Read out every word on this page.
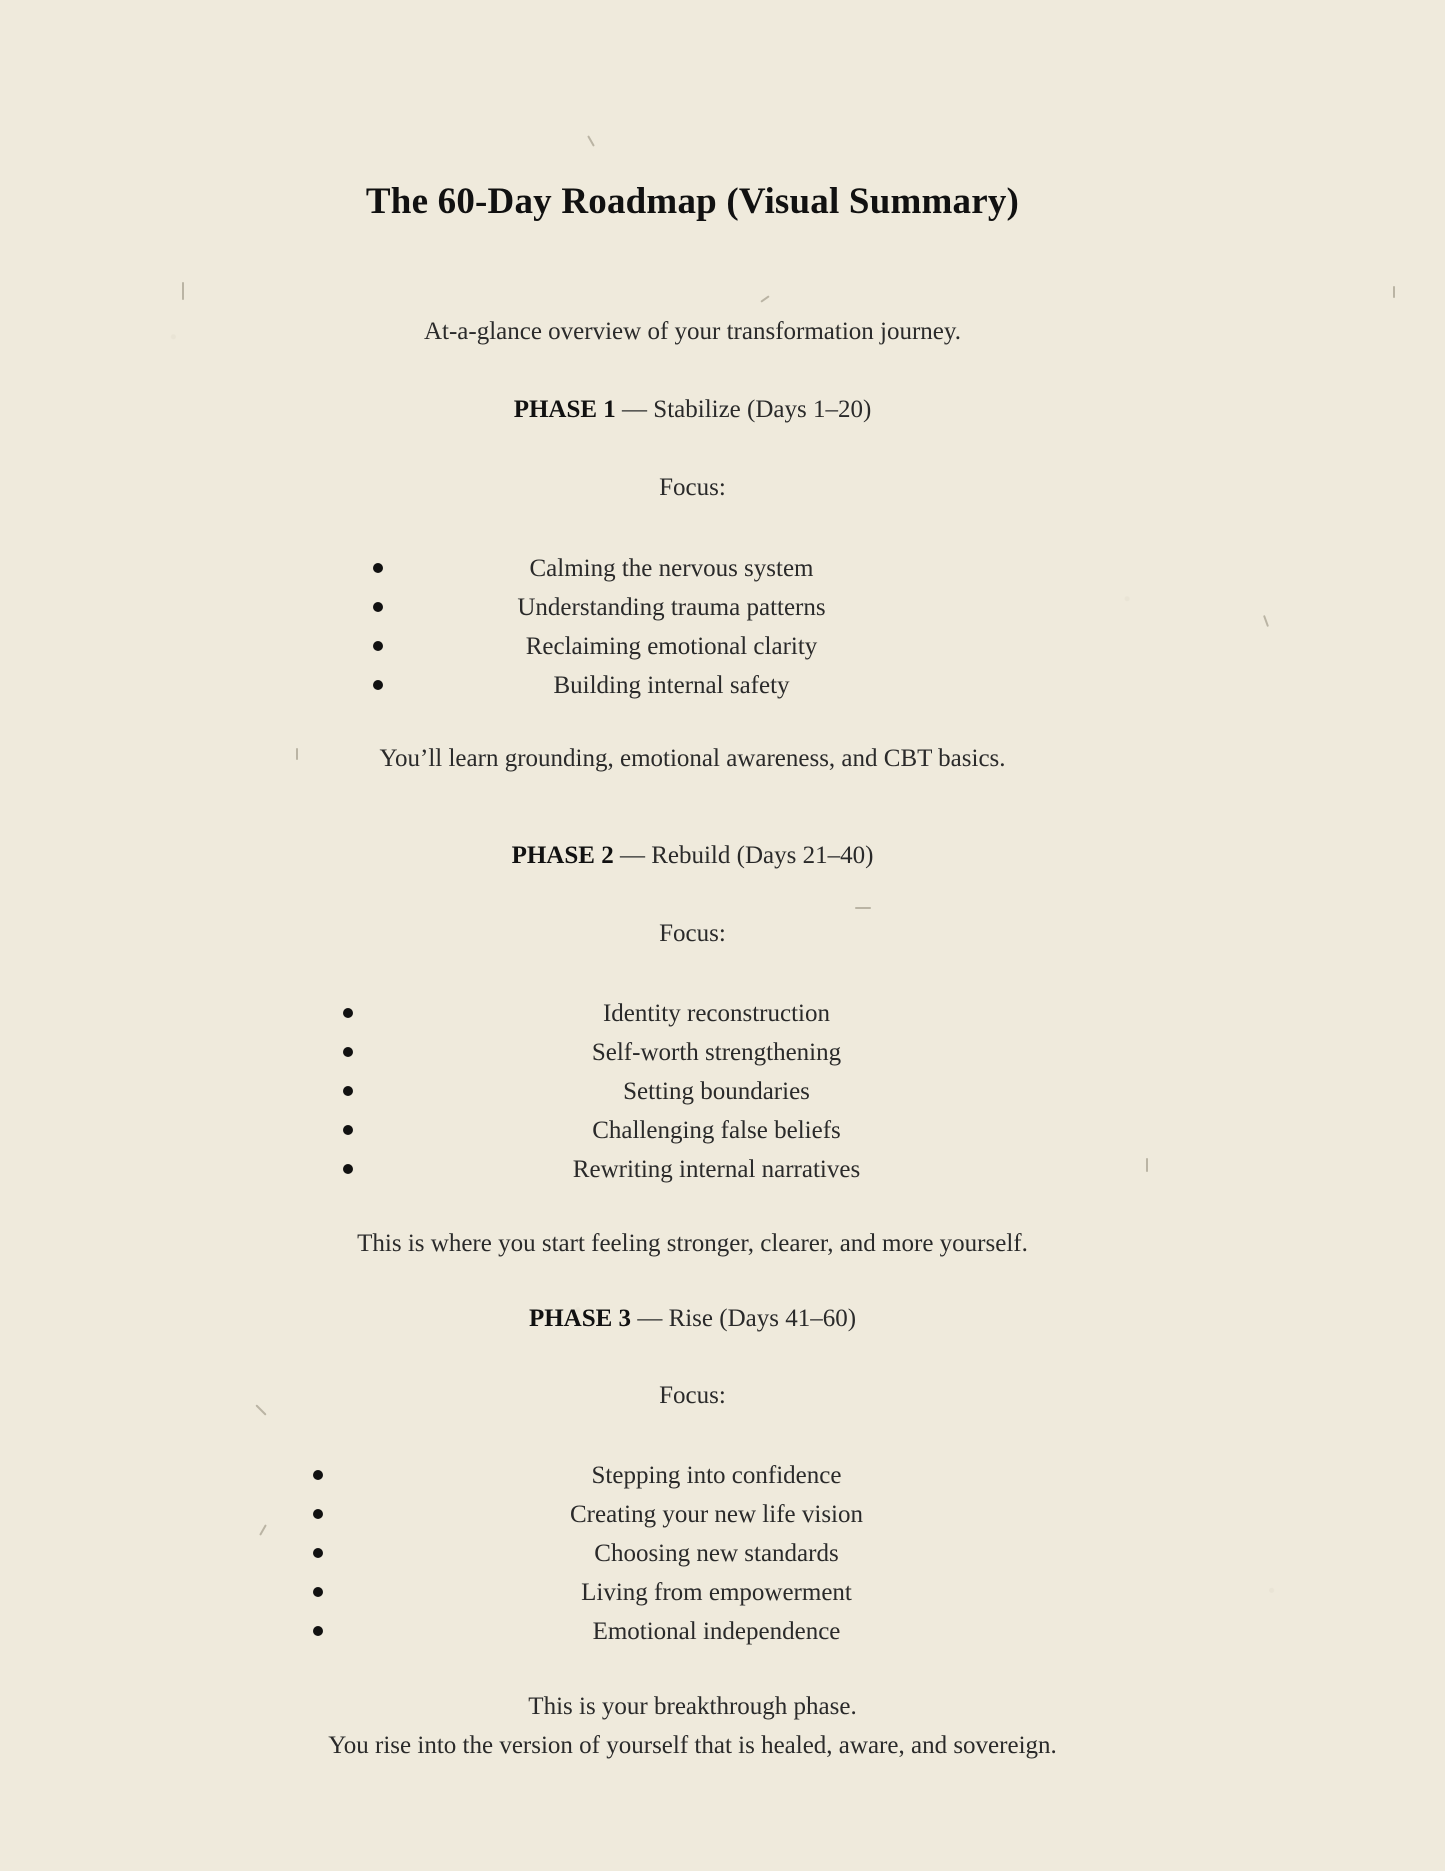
The 60-Day Roadmap (Visual Summary)
At-a-glance overview of your transformation journey.
PHASE 1 — Stabilize (Days 1–20)
Focus:
Calming the nervous system
Understanding trauma patterns
Reclaiming emotional clarity
Building internal safety
You’ll learn grounding, emotional awareness, and CBT basics.
PHASE 2 — Rebuild (Days 21–40)
Focus:
Identity reconstruction
Self-worth strengthening
Setting boundaries
Challenging false beliefs
Rewriting internal narratives
This is where you start feeling stronger, clearer, and more yourself.
PHASE 3 — Rise (Days 41–60)
Focus:
Stepping into confidence
Creating your new life vision
Choosing new standards
Living from empowerment
Emotional independence
This is your breakthrough phase.
You rise into the version of yourself that is healed, aware, and sovereign.
